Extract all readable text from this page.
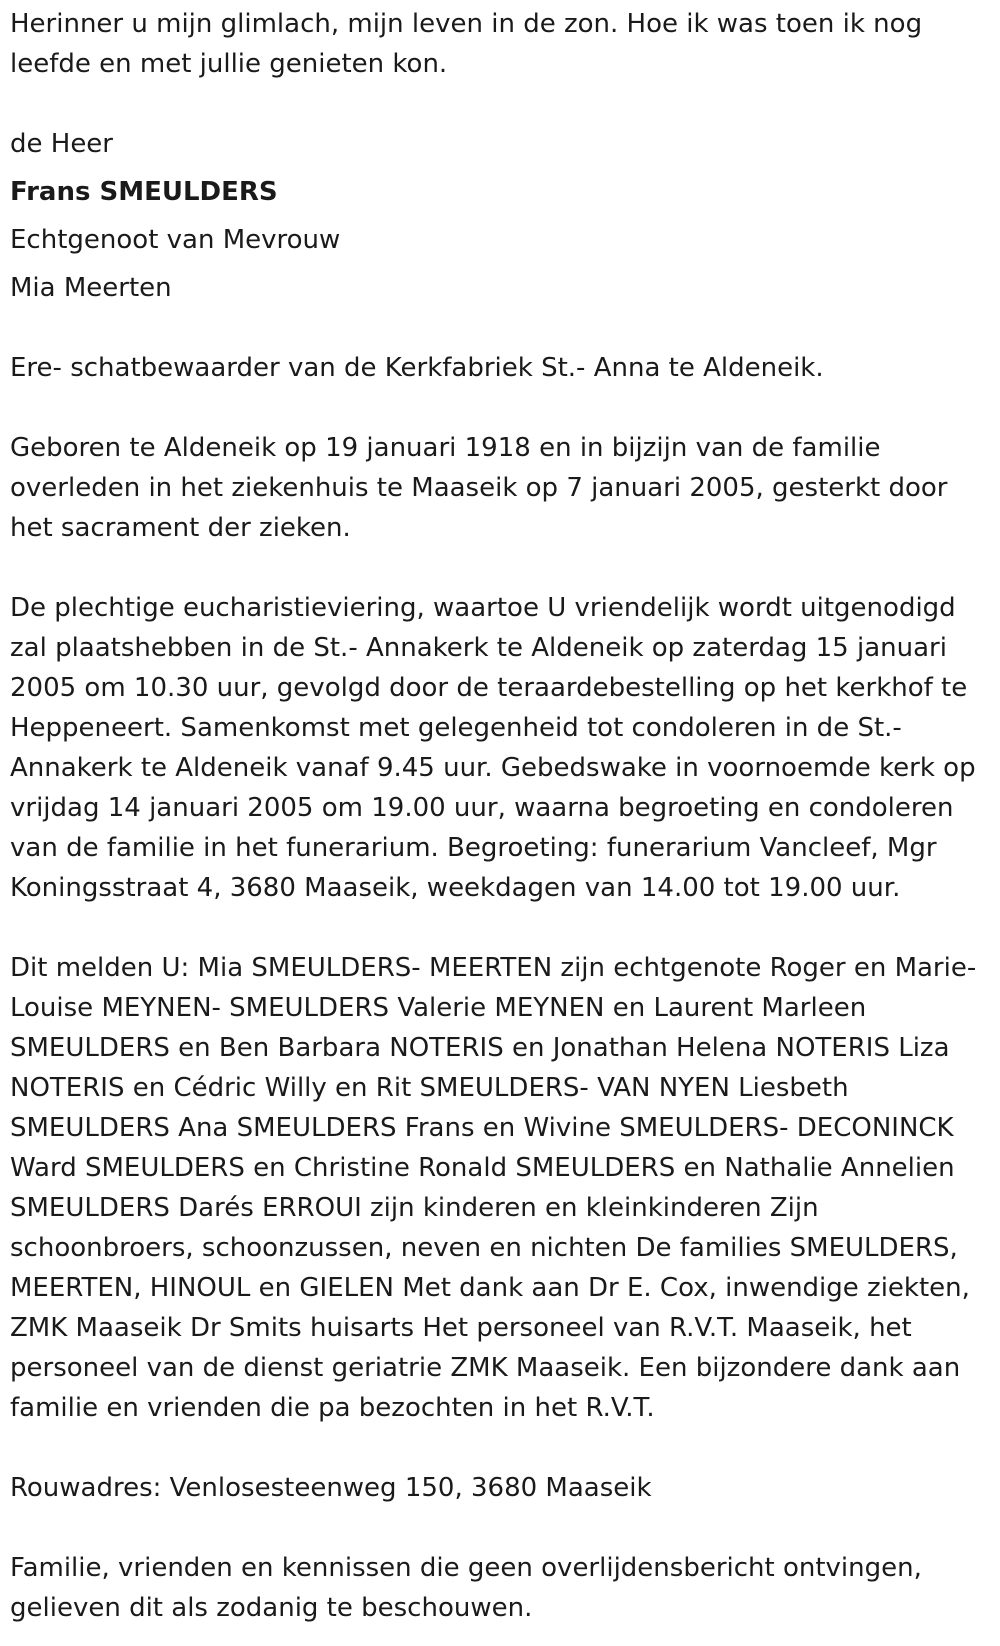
Herinner u mijn glimlach, mijn leven in de zon. Hoe ik was toen ik nog leefde en met jullie genieten kon.

de Heer
Frans SMEULDERS
Echtgenoot van Mevrouw
Mia Meerten

Ere- schatbewaarder van de Kerkfabriek St.- Anna te Aldeneik.

Geboren te Aldeneik op 19 januari 1918 en in bijzijn van de familie overleden in het ziekenhuis te Maaseik op 7 januari 2005, gesterkt door het sacrament der zieken.

De plechtige eucharistieviering, waartoe U vriendelijk wordt uitgenodigd zal plaatshebben in de St.- Annakerk te Aldeneik op zaterdag 15 januari 2005 om 10.30 uur, gevolgd door de teraardebestelling op het kerkhof te Heppeneert. Samenkomst met gelegenheid tot condoleren in de St.- Annakerk te Aldeneik vanaf 9.45 uur. Gebedswake in voornoemde kerk op vrijdag 14 januari 2005 om 19.00 uur, waarna begroeting en condoleren van de familie in het funerarium. Begroeting: funerarium Vancleef, Mgr Koningsstraat 4, 3680 Maaseik, weekdagen van 14.00 tot 19.00 uur.

Dit melden U: Mia SMEULDERS- MEERTEN zijn echtgenote Roger en Marie- Louise MEYNEN- SMEULDERS Valerie MEYNEN en Laurent Marleen SMEULDERS en Ben Barbara NOTERIS en Jonathan Helena NOTERIS Liza NOTERIS en Cédric Willy en Rit SMEULDERS- VAN NYEN Liesbeth SMEULDERS Ana SMEULDERS Frans en Wivine SMEULDERS- DECONINCK Ward SMEULDERS en Christine Ronald SMEULDERS en Nathalie Annelien SMEULDERS Darés ERROUI zijn kinderen en kleinkinderen Zijn schoonbroers, schoonzussen, neven en nichten De families SMEULDERS, MEERTEN, HINOUL en GIELEN Met dank aan Dr E. Cox, inwendige ziekten, ZMK Maaseik Dr Smits huisarts Het personeel van R.V.T. Maaseik, het personeel van de dienst geriatrie ZMK Maaseik. Een bijzondere dank aan familie en vrienden die pa bezochten in het R.V.T.

Rouwadres: Venlosesteenweg 150, 3680 Maaseik

Familie, vrienden en kennissen die geen overlijdensbericht ontvingen, gelieven dit als zodanig te beschouwen.
